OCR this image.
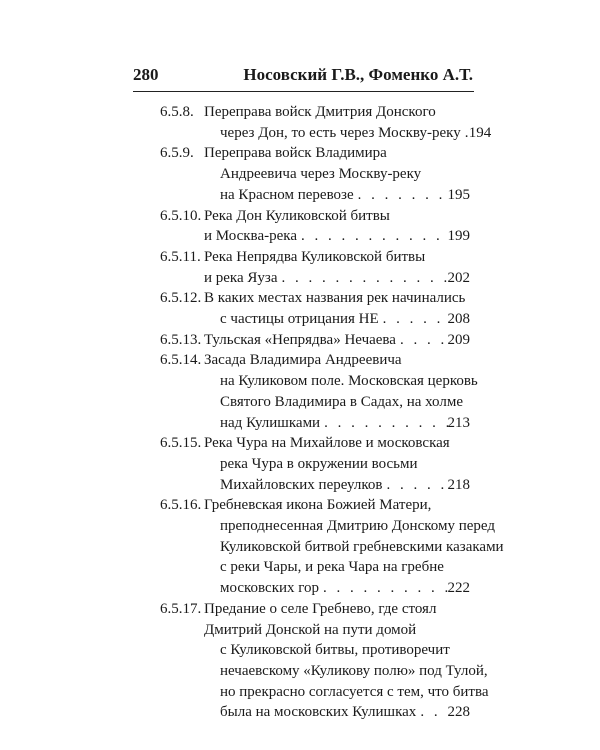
280	Носовский Г.В., Фоменко А.Т.
6.5.8. Переправа войск Дмитрия Донского
через Дон, то есть через Москву-реку . . . 194
6.5.9. Переправа войск Владимира
Андреевича через Москву-реку
на Красном перевозе . . .	195
6.5.10. Река Дон Куликовской битвы
и Москва-река . . .	199
6.5.11. Река Непрядва Куликовской битвы
и река Яуза . . .	202
6.5.12. В каких местах названия рек начинались
с частицы отрицания НЕ . . .	208
6.5.13. Тульская «Непрядва» Нечаева . . .	209
6.5.14. Засада Владимира Андреевича
на Куликовом поле. Московская церковь
Святого Владимира в Садах, на холме
над Кулишками . . .	213
6.5.15. Река Чура на Михайлове и московская
река Чура в окружении восьми
Михайловских переулков . . .	218
6.5.16. Гребневская икона Божией Матери,
преподнесенная Дмитрию Донскому перед
Куликовской битвой гребневскими казаками
с реки Чары, и река Чара на гребне
московских гор . . .	222
6.5.17. Предание о селе Гребнево, где стоял
Дмитрий Донской на пути домой
с Куликовской битвы, противоречит
нечаевскому «Куликову полю» под Тулой,
но прекрасно согласуется с тем, что битва
была на московских Кулишках . . . 228
